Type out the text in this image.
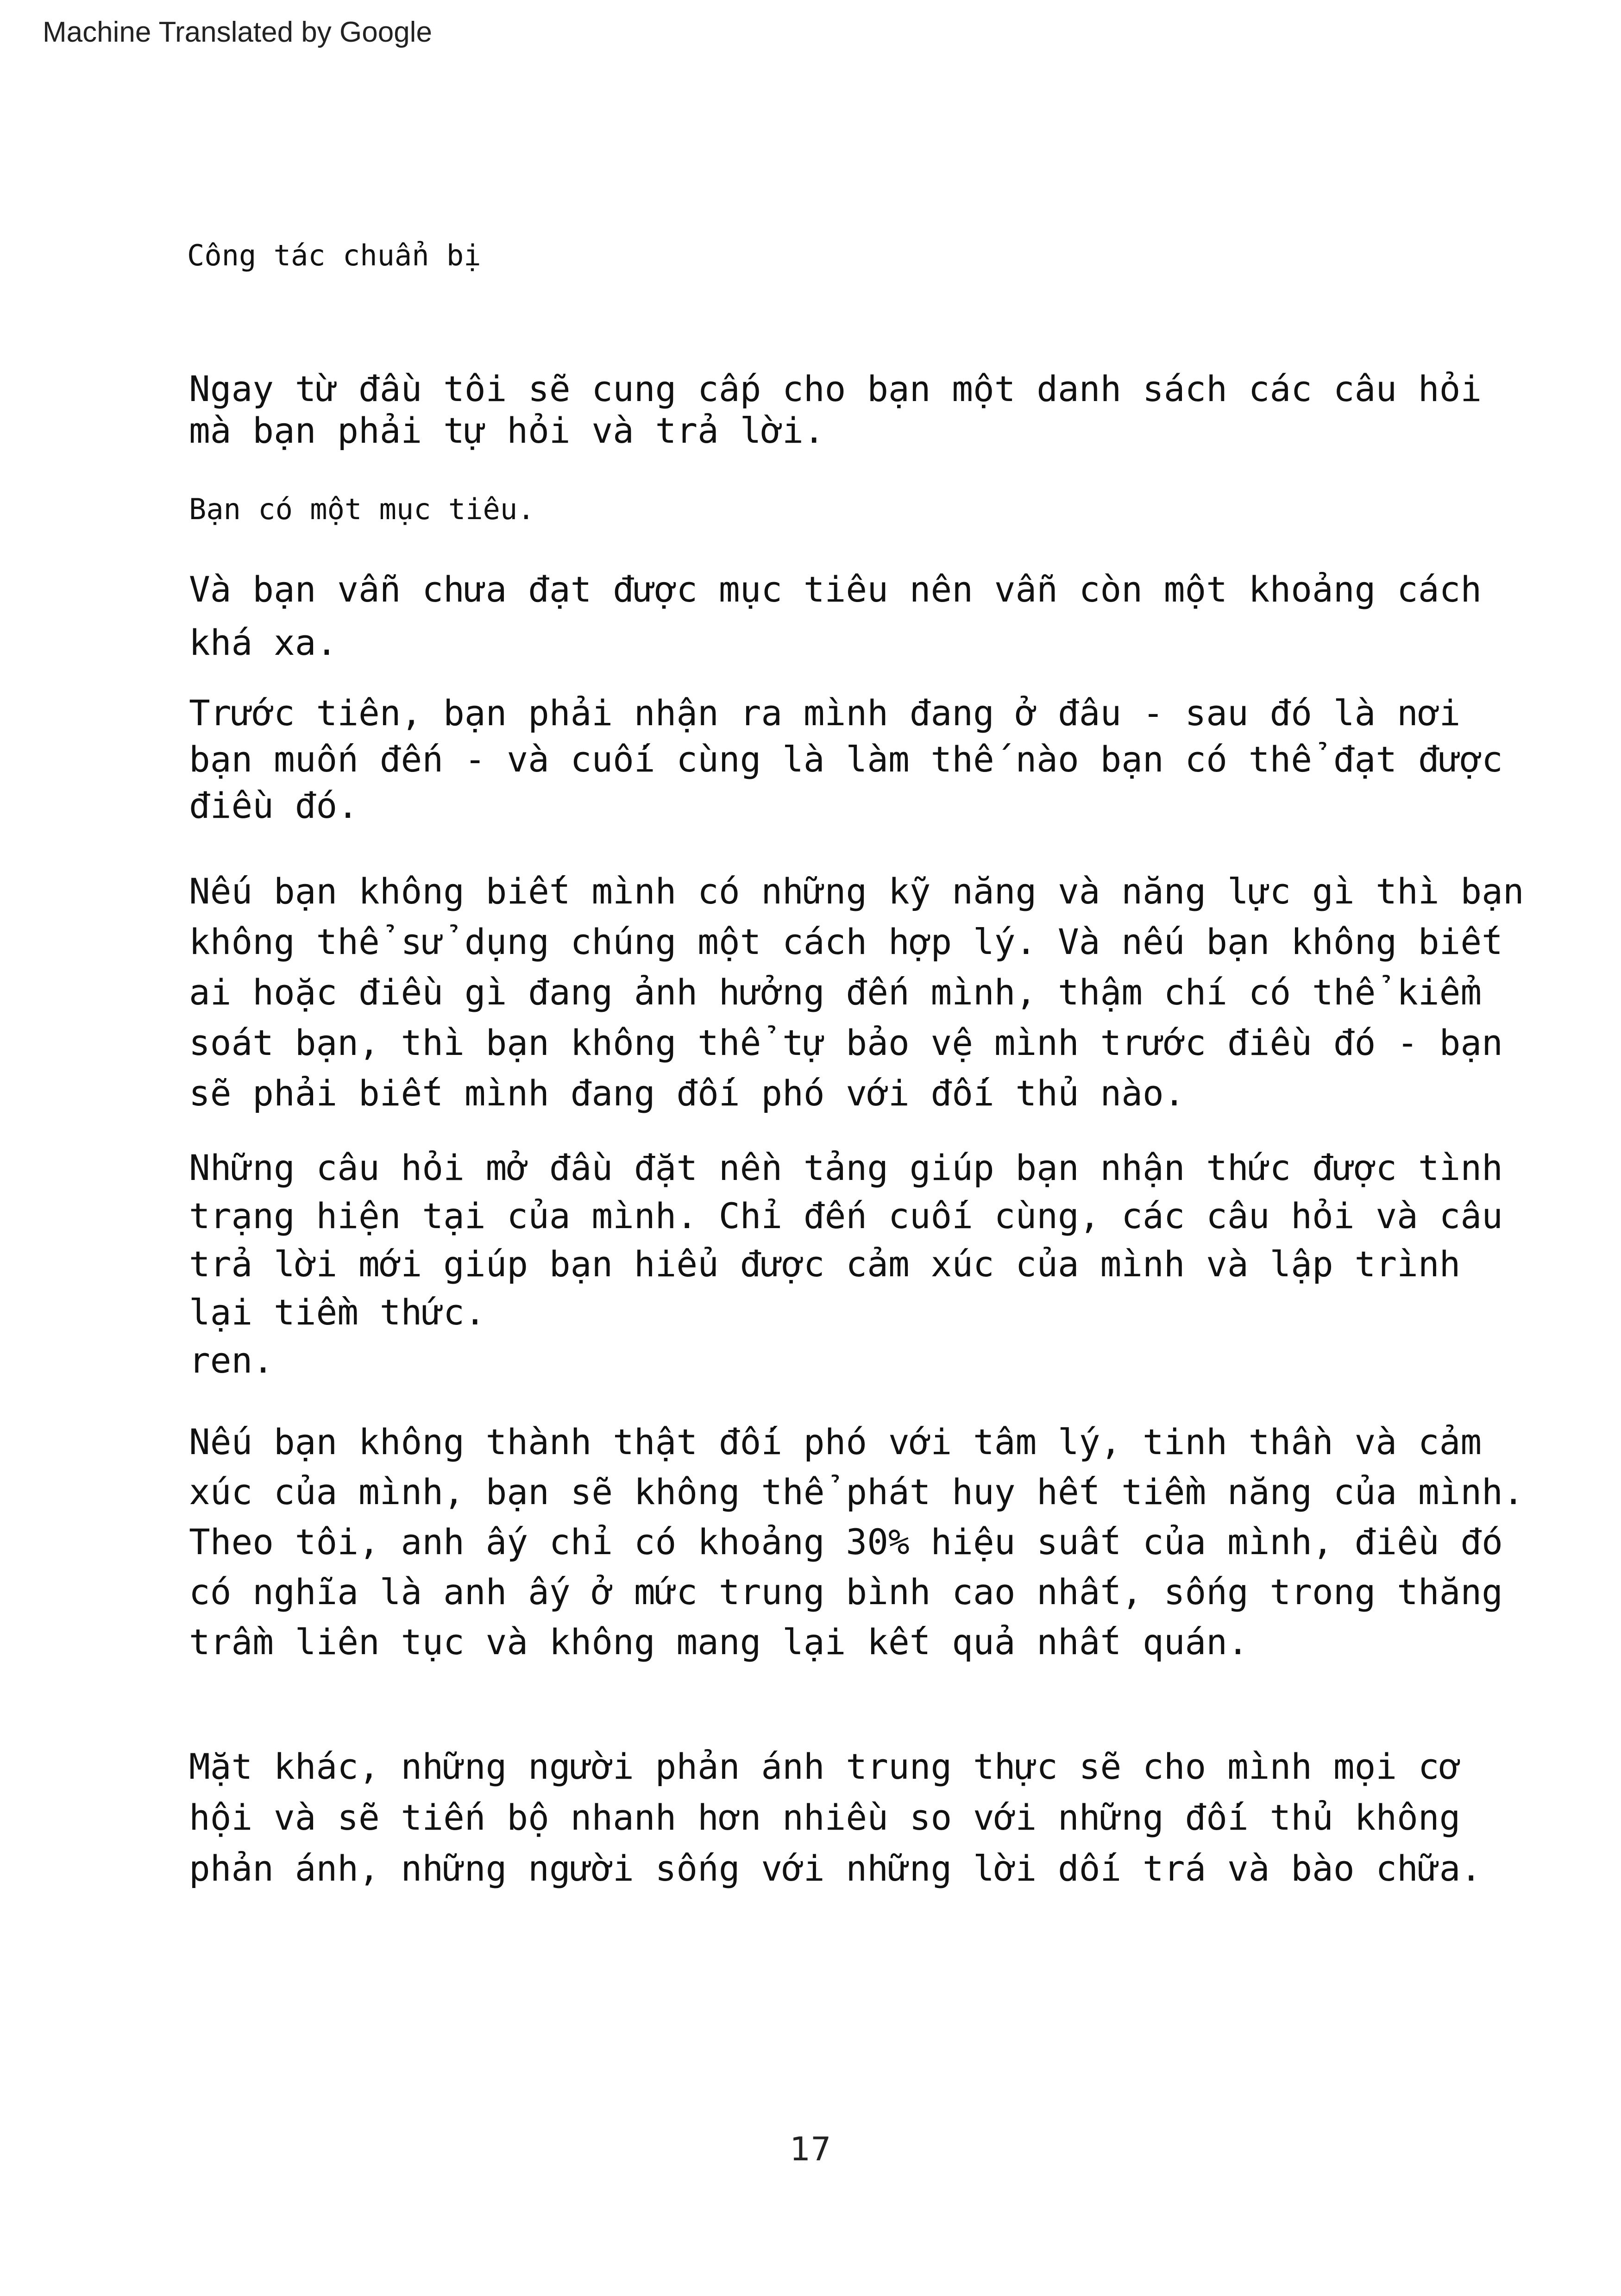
Machine Translated by Google
Công tác chuẩn bị
Ngay từ đầu tôi sẽ cung cấp cho bạn một danh sách các câu hỏi
mà bạn phải tự hỏi và trả lời.
Bạn có một mục tiêu.
Và bạn vẫn chưa đạt được mục tiêu nên vẫn còn một khoảng cách
khá xa.
Trước tiên, bạn phải nhận ra mình đang ở đâu - sau đó là nơi
bạn muốn đến - và cuối cùng là làm thế nào bạn có thể đạt được
điều đó.
Nếu bạn không biết mình có những kỹ năng và năng lực gì thì bạn
không thể sử dụng chúng một cách hợp lý. Và nếu bạn không biết
ai hoặc điều gì đang ảnh hưởng đến mình, thậm chí có thể kiểm
soát bạn, thì bạn không thể tự bảo vệ mình trước điều đó - bạn
sẽ phải biết mình đang đối phó với đối thủ nào.
Những câu hỏi mở đầu đặt nền tảng giúp bạn nhận thức được tình
trạng hiện tại của mình. Chỉ đến cuối cùng, các câu hỏi và câu
trả lời mới giúp bạn hiểu được cảm xúc của mình và lập trình
lại tiềm thức.
ren.
Nếu bạn không thành thật đối phó với tâm lý, tinh thần và cảm
xúc của mình, bạn sẽ không thể phát huy hết tiềm năng của mình.
Theo tôi, anh ấy chỉ có khoảng 30% hiệu suất của mình, điều đó
có nghĩa là anh ấy ở mức trung bình cao nhất, sống trong thăng
trầm liên tục và không mang lại kết quả nhất quán.
Mặt khác, những người phản ánh trung thực sẽ cho mình mọi cơ
hội và sẽ tiến bộ nhanh hơn nhiều so với những đối thủ không
phản ánh, những người sống với những lời dối trá và bào chữa.
17
